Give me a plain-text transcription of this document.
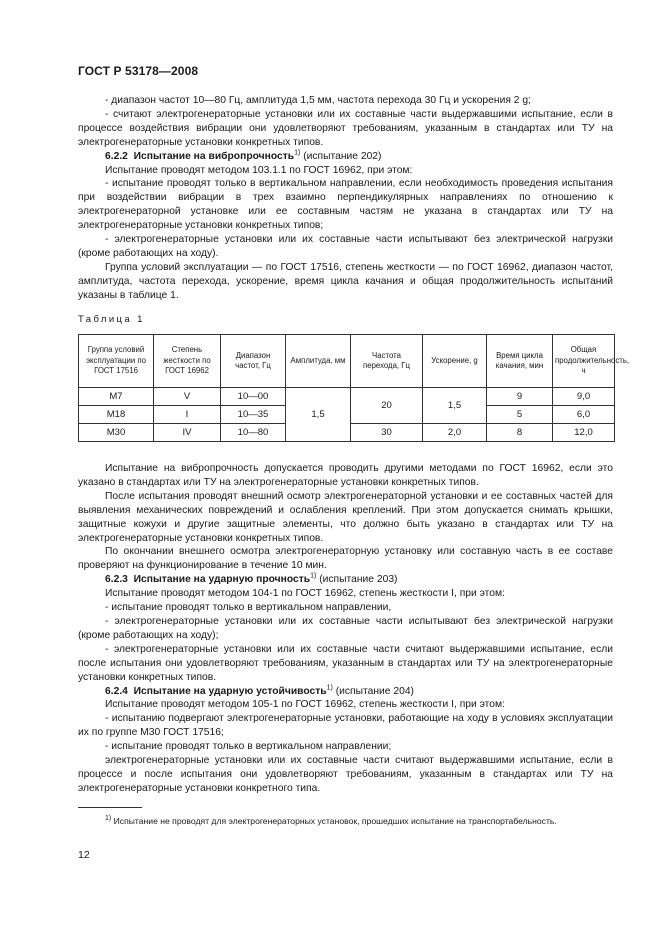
ГОСТ Р 53178—2008

- диапазон частот 10—80 Гц, амплитуда 1,5 мм, частота перехода 30 Гц и ускорения 2 g;

- считают электрогенераторные установки или их составные части выдержавшими испытание, если в процессе воздействия вибрации они удовлетворяют требованиям, указанным в стандартах или ТУ на электрогенераторные установки конкретных типов.

6.2.2 Испытание на вибропрочность$^{1)}$ (испытание 202)

Испытание проводят методом 103.1.1 по ГОСТ 16962, при этом:

- испытание проводят только в вертикальном направлении, если необходимость проведения испытания при воздействии вибрации в трех взаимно перпендикулярных направлениях по отношению к электрогенераторной установке или ее составным частям не указана в стандартах или ТУ на электрогенераторные установки конкретных типов;

- электрогенераторные установки или их составные части испытывают без электрической нагрузки (кроме работающих на ходу).

Группа условий эксплуатации — по ГОСТ 17516, степень жесткости — по ГОСТ 16962, диапазон частот, амплитуда, частота перехода, ускорение, время цикла качания и общая продолжительность испытаний указаны в таблице 1.

Таблица 1
Группа условий эксплуатации по ГОСТ 17516	Степень жесткости по ГОСТ 16962	Диапазон частот, Гц	Амплитуда, мм	Частота перехода, Гц	Ускорение, g	Время цикла качания, мин	Общая продолжительность, ч
М7	V	10—00	1,5	20	1,5	9	9,0
М18	I	10—35				5	6,0
М30	IV	10—80		30	2,0	8	12,0

Испытание на вибропрочность допускается проводить другими методами по ГОСТ 16962, если это указано в стандартах или ТУ на электрогенераторные установки конкретных типов.

После испытания проводят внешний осмотр электрогенераторной установки и ее составных частей для выявления механических повреждений и ослабления креплений. При этом допускается снимать крышки, защитные кожухи и другие защитные элементы, что должно быть указано в стандартах или ТУ на электрогенераторные установки конкретных типов.

По окончании внешнего осмотра электрогенераторную установку или составную часть в ее составе проверяют на функционирование в течение 10 мин.

6.2.3 Испытание на ударную прочность$^{1)}$ (испытание 203)

Испытание проводят методом 104-1 по ГОСТ 16962, степень жесткости I, при этом:

- испытание проводят только в вертикальном направлении,

- электрогенераторные установки или их составные части испытывают без электрической нагрузки (кроме работающих на ходу);

- электрогенераторные установки или их составные части считают выдержавшими испытание, если после испытания они удовлетворяют требованиям, указанным в стандартах или ТУ на электрогенераторные установки конкретных типов.

6.2.4 Испытание на ударную устойчивость$^{1)}$ (испытание 204)

Испытание проводят методом 105-1 по ГОСТ 16962, степень жесткости I, при этом:

- испытанию подвергают электрогенераторные установки, работающие на ходу в условиях эксплуатации их по группе М30 ГОСТ 17516;

- испытание проводят только в вертикальном направлении;

электрогенераторные установки или их составные части считают выдержавшими испытание, если в процессе и после испытания они удовлетворяют требованиям, указанным в стандартах или ТУ на электрогенераторные установки конкретного типа.

$^{1)}$ Испытание не проводят для электрогенераторных установок, прошедших испытание на транспортабельность.
12
